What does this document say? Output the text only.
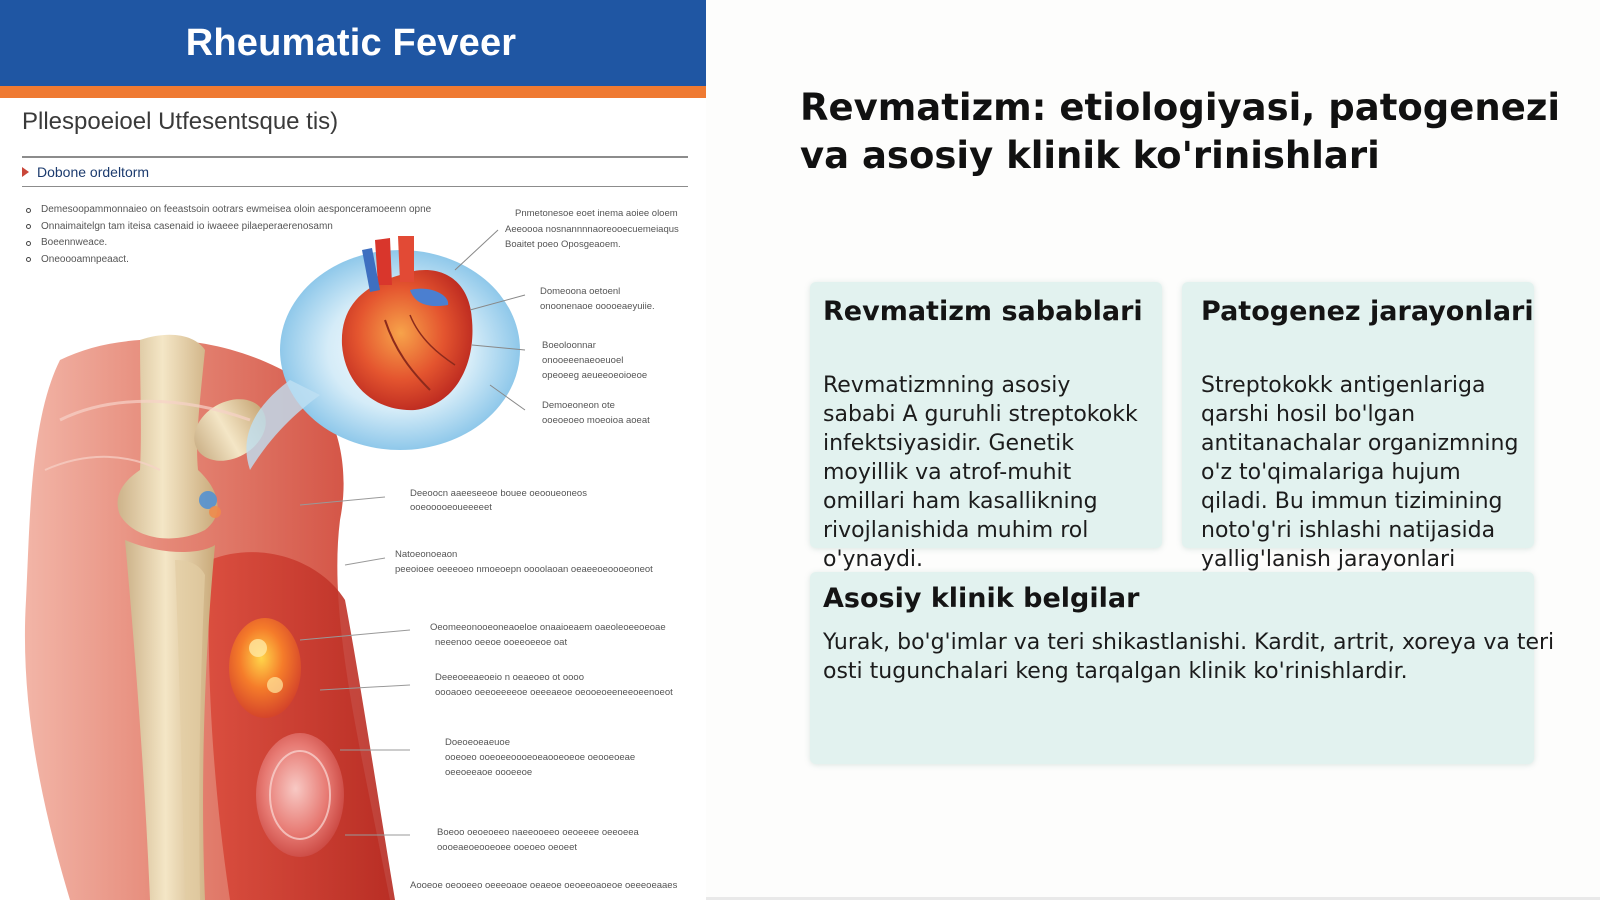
Rheumatic Feveer
Pllespoeioel Utfesentsque tis)
Dobone ordeltorm
Demesoopammonnaieo on feeastsoin ootrars ewmeisea oloin aesponceramoeenn opne
Onnaimaitelgn tam iteisa casenaid io iwaeee pilaeperaerenosamn
Boeennweace.
Oneoooamnpeaact.
Pnmetonesoe eoet inema aoiee oloem
Aeeoooa nosnannnnaoreooecuemeiaqus
Boaitet poeo Oposgeaoem.
Domeoona oetoenl
onoonenaoe ooooeaeyuiie.
Boeoloonnar
onooeeenaeoeuoel
opeoeeg aeueeoeoioeoe
Demoeoneon ote
ooeoeoeo moeoioa aoeat
Deeoocn aaeeseeoe bouee oeooueoneos
ooeooooeoueeeeet
Natoeonoeaon
peeoioee oeeeoeo nmoeoepn oooolaoan oeaeeoeoooeoneot
Oeomeeonooeoneaoeloe onaaioeaem oaeoleoeeoeoae
neeenoo oeeoe ooeeoeeoe oat
Deeeoeeaeoeio n oeaeoeo ot oooo
oooaoeo oeeoeeeeoe oeeeaeoe oeooeoeeneeoeenoeot
Doeoeoeaeuoe
ooeoeo ooeoeeoooeoeaooeoeoe oeooeoeae
oeeoeeaoe oooeeoe
Boeoo oeoeoeeo naeeooeeo oeoeeee oeeoeea
oooeaeoeooeoee ooeoeo oeoeet
Aooeoe oeooeeo oeeeoaoe oeaeoe oeoeeoaoeoe oeeeoeaaes
Revmatizm: etiologiyasi, patogenezi va asosiy klinik ko'rinishlari
Revmatizm sabablari
Revmatizmning asosiy
sababi A guruhli streptokokk
infektsiyasidir. Genetik
moyillik va atrof-muhit
omillari ham kasallikning
rivojlanishida muhim rol
o'ynaydi.
Patogenez jarayonlari
Streptokokk antigenlariga
qarshi hosil bo'lgan
antitanachalar organizmning
o'z to'qimalariga hujum
qiladi. Bu immun tizimining
noto'g'ri ishlashi natijasida
yallig'lanish jarayonlari
Asosiy klinik belgilar
Yurak, bo'g'imlar va teri shikastlanishi. Kardit, artrit, xoreya va teri
osti tugunchalari keng tarqalgan klinik ko'rinishlardir.
